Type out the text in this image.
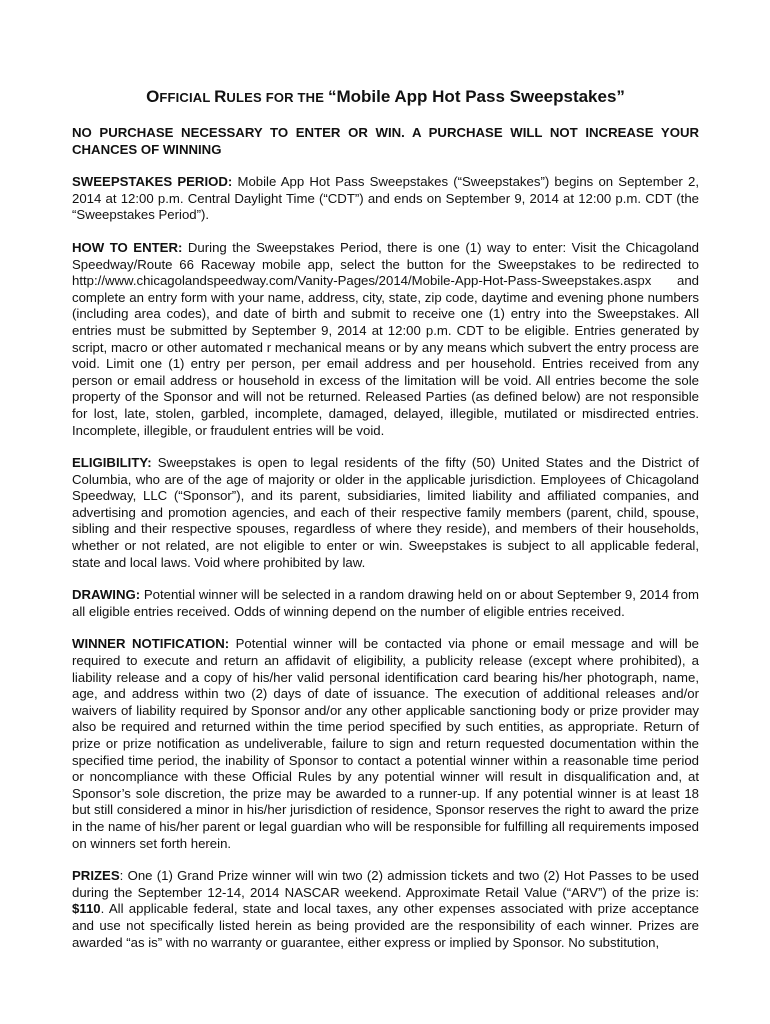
OFFICIAL RULES FOR THE “Mobile App Hot Pass Sweepstakes”

NO PURCHASE NECESSARY TO ENTER OR WIN. A PURCHASE WILL NOT INCREASE YOUR CHANCES OF WINNING

SWEEPSTAKES PERIOD: Mobile App Hot Pass Sweepstakes (“Sweepstakes”) begins on September 2, 2014 at 12:00 p.m. Central Daylight Time (“CDT”) and ends on September 9, 2014 at 12:00 p.m. CDT (the “Sweepstakes Period”).

HOW TO ENTER: During the Sweepstakes Period, there is one (1) way to enter: Visit the Chicagoland Speedway/Route 66 Raceway mobile app, select the button for the Sweepstakes to be redirected to http://www.chicagolandspeedway.com/Vanity-Pages/2014/Mobile-App-Hot-Pass-Sweepstakes.aspx and complete an entry form with your name, address, city, state, zip code, daytime and evening phone numbers (including area codes), and date of birth and submit to receive one (1) entry into the Sweepstakes. All entries must be submitted by September 9, 2014 at 12:00 p.m. CDT to be eligible. Entries generated by script, macro or other automated r mechanical means or by any means which subvert the entry process are void. Limit one (1) entry per person, per email address and per household. Entries received from any person or email address or household in excess of the limitation will be void. All entries become the sole property of the Sponsor and will not be returned. Released Parties (as defined below) are not responsible for lost, late, stolen, garbled, incomplete, damaged, delayed, illegible, mutilated or misdirected entries. Incomplete, illegible, or fraudulent entries will be void.

ELIGIBILITY: Sweepstakes is open to legal residents of the fifty (50) United States and the District of Columbia, who are of the age of majority or older in the applicable jurisdiction. Employees of Chicagoland Speedway, LLC (“Sponsor”), and its parent, subsidiaries, limited liability and affiliated companies, and advertising and promotion agencies, and each of their respective family members (parent, child, spouse, sibling and their respective spouses, regardless of where they reside), and members of their households, whether or not related, are not eligible to enter or win. Sweepstakes is subject to all applicable federal, state and local laws. Void where prohibited by law.

DRAWING: Potential winner will be selected in a random drawing held on or about September 9, 2014 from all eligible entries received. Odds of winning depend on the number of eligible entries received.

WINNER NOTIFICATION: Potential winner will be contacted via phone or email message and will be required to execute and return an affidavit of eligibility, a publicity release (except where prohibited), a liability release and a copy of his/her valid personal identification card bearing his/her photograph, name, age, and address within two (2) days of date of issuance. The execution of additional releases and/or waivers of liability required by Sponsor and/or any other applicable sanctioning body or prize provider may also be required and returned within the time period specified by such entities, as appropriate. Return of prize or prize notification as undeliverable, failure to sign and return requested documentation within the specified time period, the inability of Sponsor to contact a potential winner within a reasonable time period or noncompliance with these Official Rules by any potential winner will result in disqualification and, at Sponsor’s sole discretion, the prize may be awarded to a runner-up. If any potential winner is at least 18 but still considered a minor in his/her jurisdiction of residence, Sponsor reserves the right to award the prize in the name of his/her parent or legal guardian who will be responsible for fulfilling all requirements imposed on winners set forth herein.

PRIZES: One (1) Grand Prize winner will win two (2) admission tickets and two (2) Hot Passes to be used during the September 12-14, 2014 NASCAR weekend. Approximate Retail Value (“ARV”) of the prize is: $110. All applicable federal, state and local taxes, any other expenses associated with prize acceptance and use not specifically listed herein as being provided are the responsibility of each winner. Prizes are awarded “as is” with no warranty or guarantee, either express or implied by Sponsor. No substitution,
